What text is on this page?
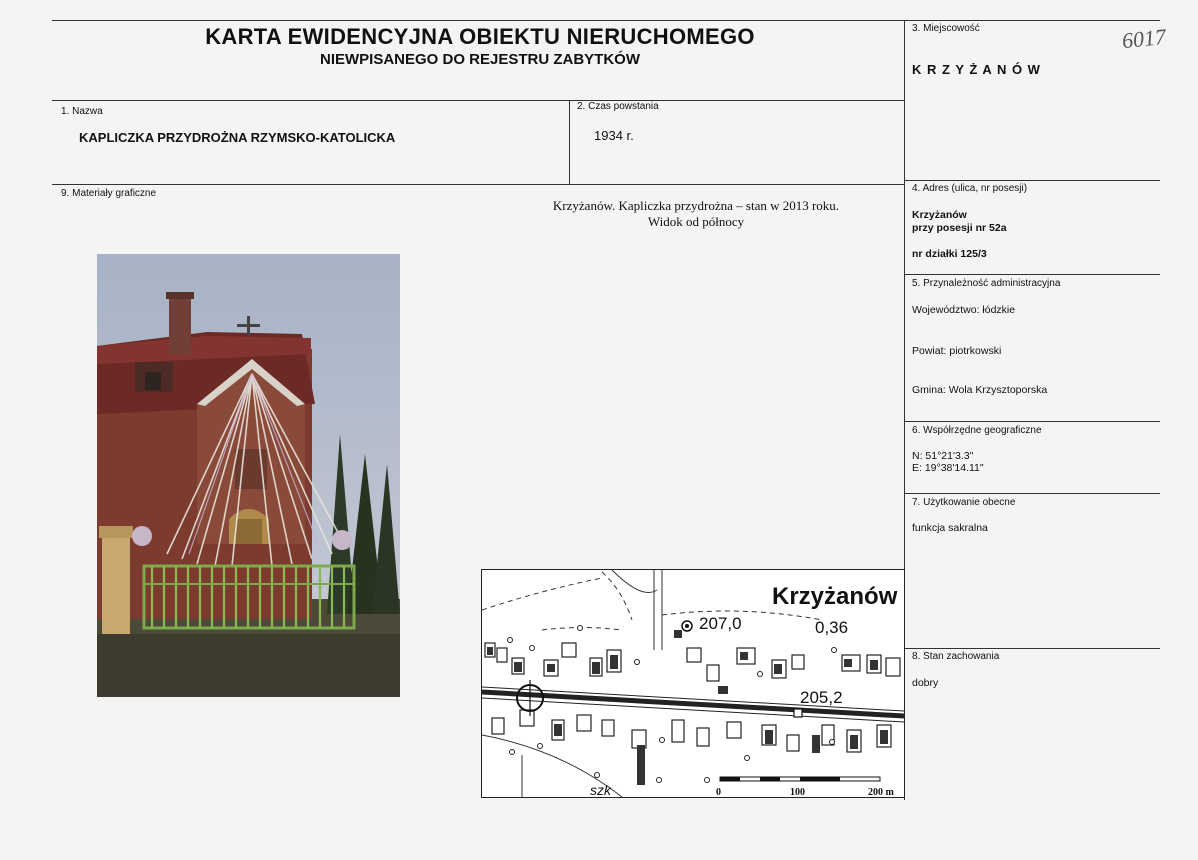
KARTA EWIDENCYJNA OBIEKTU NIERUCHOMEGO
NIEWPISANEGO DO REJESTRU ZABYTKÓW
6017
3. Miejscowość
K R Z Y Ż A N Ó W
1. Nazwa
KAPLICZKA PRZYDROŻNA RZYMSKO-KATOLICKA
2. Czas powstania
1934 r.
9. Materiały graficzne
Krzyżanów. Kapliczka przydrożna – stan w 2013 roku.
Widok od północy
4. Adres (ulica, nr posesji)
Krzyżanów
przy posesji nr 52a
nr działki 125/3
5. Przynależność administracyjna
Województwo: łódzkie
Powiat: piotrkowski
Gmina: Wola Krzysztoporska
6. Współrzędne geograficzne
N: 51°21'3.3"
E: 19°38'14.11"
7. Użytkowanie obecne
funkcja sakralna
8. Stan zachowania
dobry
Krzyżanów
207,0	0,36
205,2
szk	0	100	200 m
